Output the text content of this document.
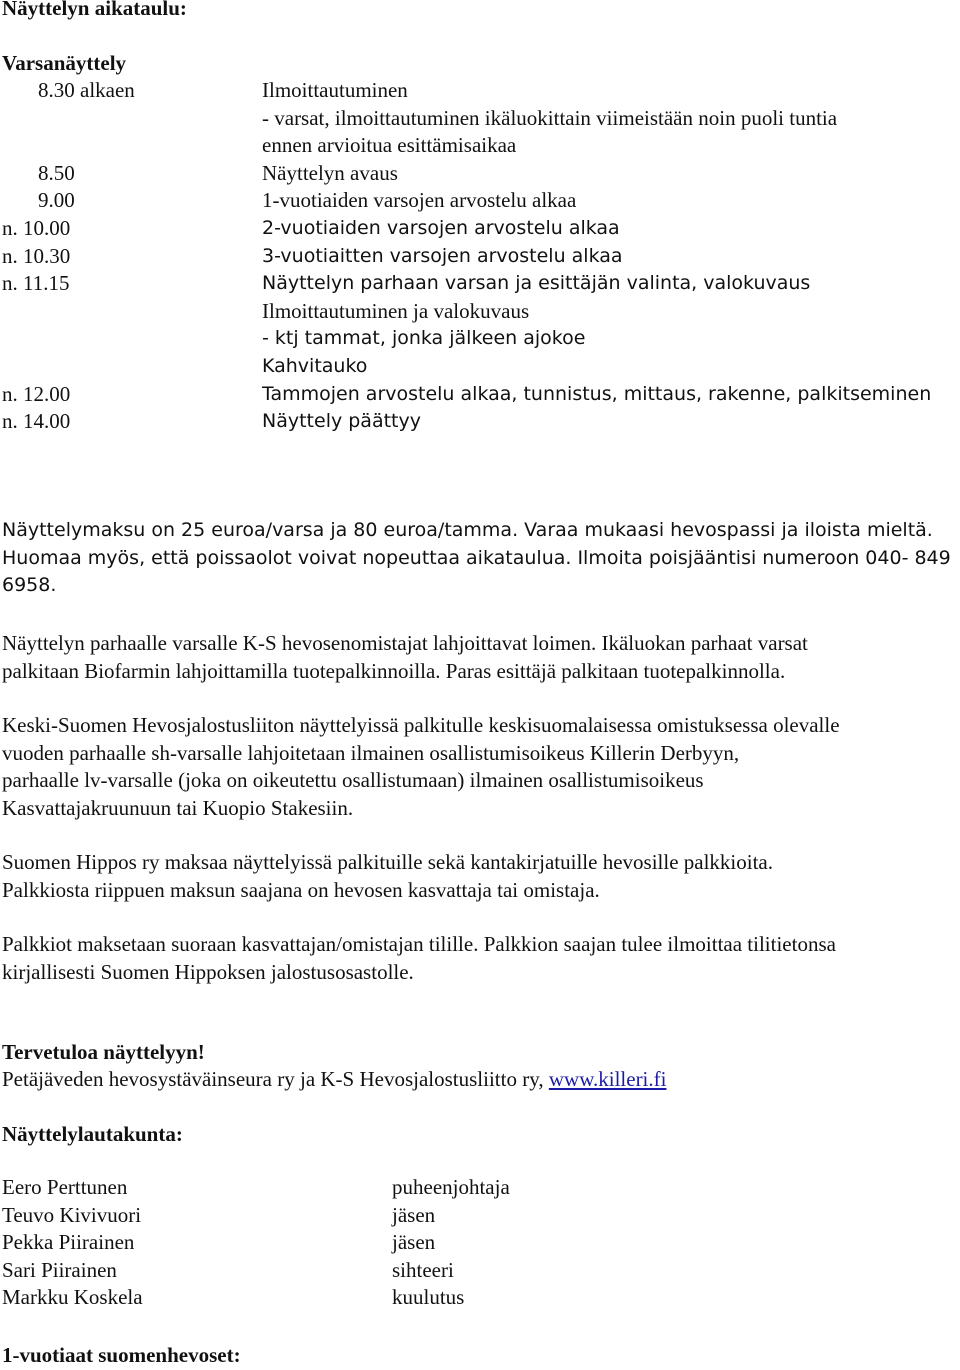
Näyttelyn aikataulu:
Varsanäyttely
8.30 alkaen	Ilmoittautuminen
- varsat, ilmoittautuminen ikäluokittain viimeistään noin puoli tuntia
ennen arvioitua esittämisaikaa
8.50	Näyttelyn avaus
9.00	1-vuotiaiden varsojen arvostelu alkaa
n. 10.00	2-vuotiaiden varsojen arvostelu alkaa
n. 10.30	3-vuotiaitten varsojen arvostelu alkaa
n. 11.15	Näyttelyn parhaan varsan ja esittäjän valinta, valokuvaus
Ilmoittautuminen ja valokuvaus
- ktj tammat, jonka jälkeen ajokoe
Kahvitauko
n. 12.00	Tammojen arvostelu alkaa, tunnistus, mittaus, rakenne, palkitseminen
n. 14.00	Näyttely päättyy
Näyttelymaksu on 25 euroa/varsa ja 80 euroa/tamma. Varaa mukaasi hevospassi ja iloista mieltä.
Huomaa myös, että poissaolot voivat nopeuttaa aikataulua. Ilmoita poisjääntisi numeroon 040- 849
6958.
Näyttelyn parhaalle varsalle K-S hevosenomistajat lahjoittavat loimen. Ikäluokan parhaat varsat
palkitaan Biofarmin lahjoittamilla tuotepalkinnoilla. Paras esittäjä palkitaan tuotepalkinnolla.
Keski-Suomen Hevosjalostusliiton näyttelyissä palkitulle keskisuomalaisessa omistuksessa olevalle
vuoden parhaalle sh-varsalle lahjoitetaan ilmainen osallistumisoikeus Killerin Derbyyn,
parhaalle lv-varsalle (joka on oikeutettu osallistumaan) ilmainen osallistumisoikeus
Kasvattajakruunuun tai Kuopio Stakesiin.
Suomen Hippos ry maksaa näyttelyissä palkituille sekä kantakirjatuille hevosille palkkioita.
Palkkiosta riippuen maksun saajana on hevosen kasvattaja tai omistaja.
Palkkiot maksetaan suoraan kasvattajan/omistajan tilille. Palkkion saajan tulee ilmoittaa tilitietonsa
kirjallisesti Suomen Hippoksen jalostusosastolle.
Tervetuloa näyttelyyn!
Petäjäveden hevosystäväinseura ry ja K-S Hevosjalostusliitto ry, www.killeri.fi
Näyttelylautakunta:
Eero Perttunen	puheenjohtaja
Teuvo Kivivuori	jäsen
Pekka Piirainen	jäsen
Sari Piirainen	sihteeri
Markku Koskela	kuulutus
1-vuotiaat suomenhevoset:
